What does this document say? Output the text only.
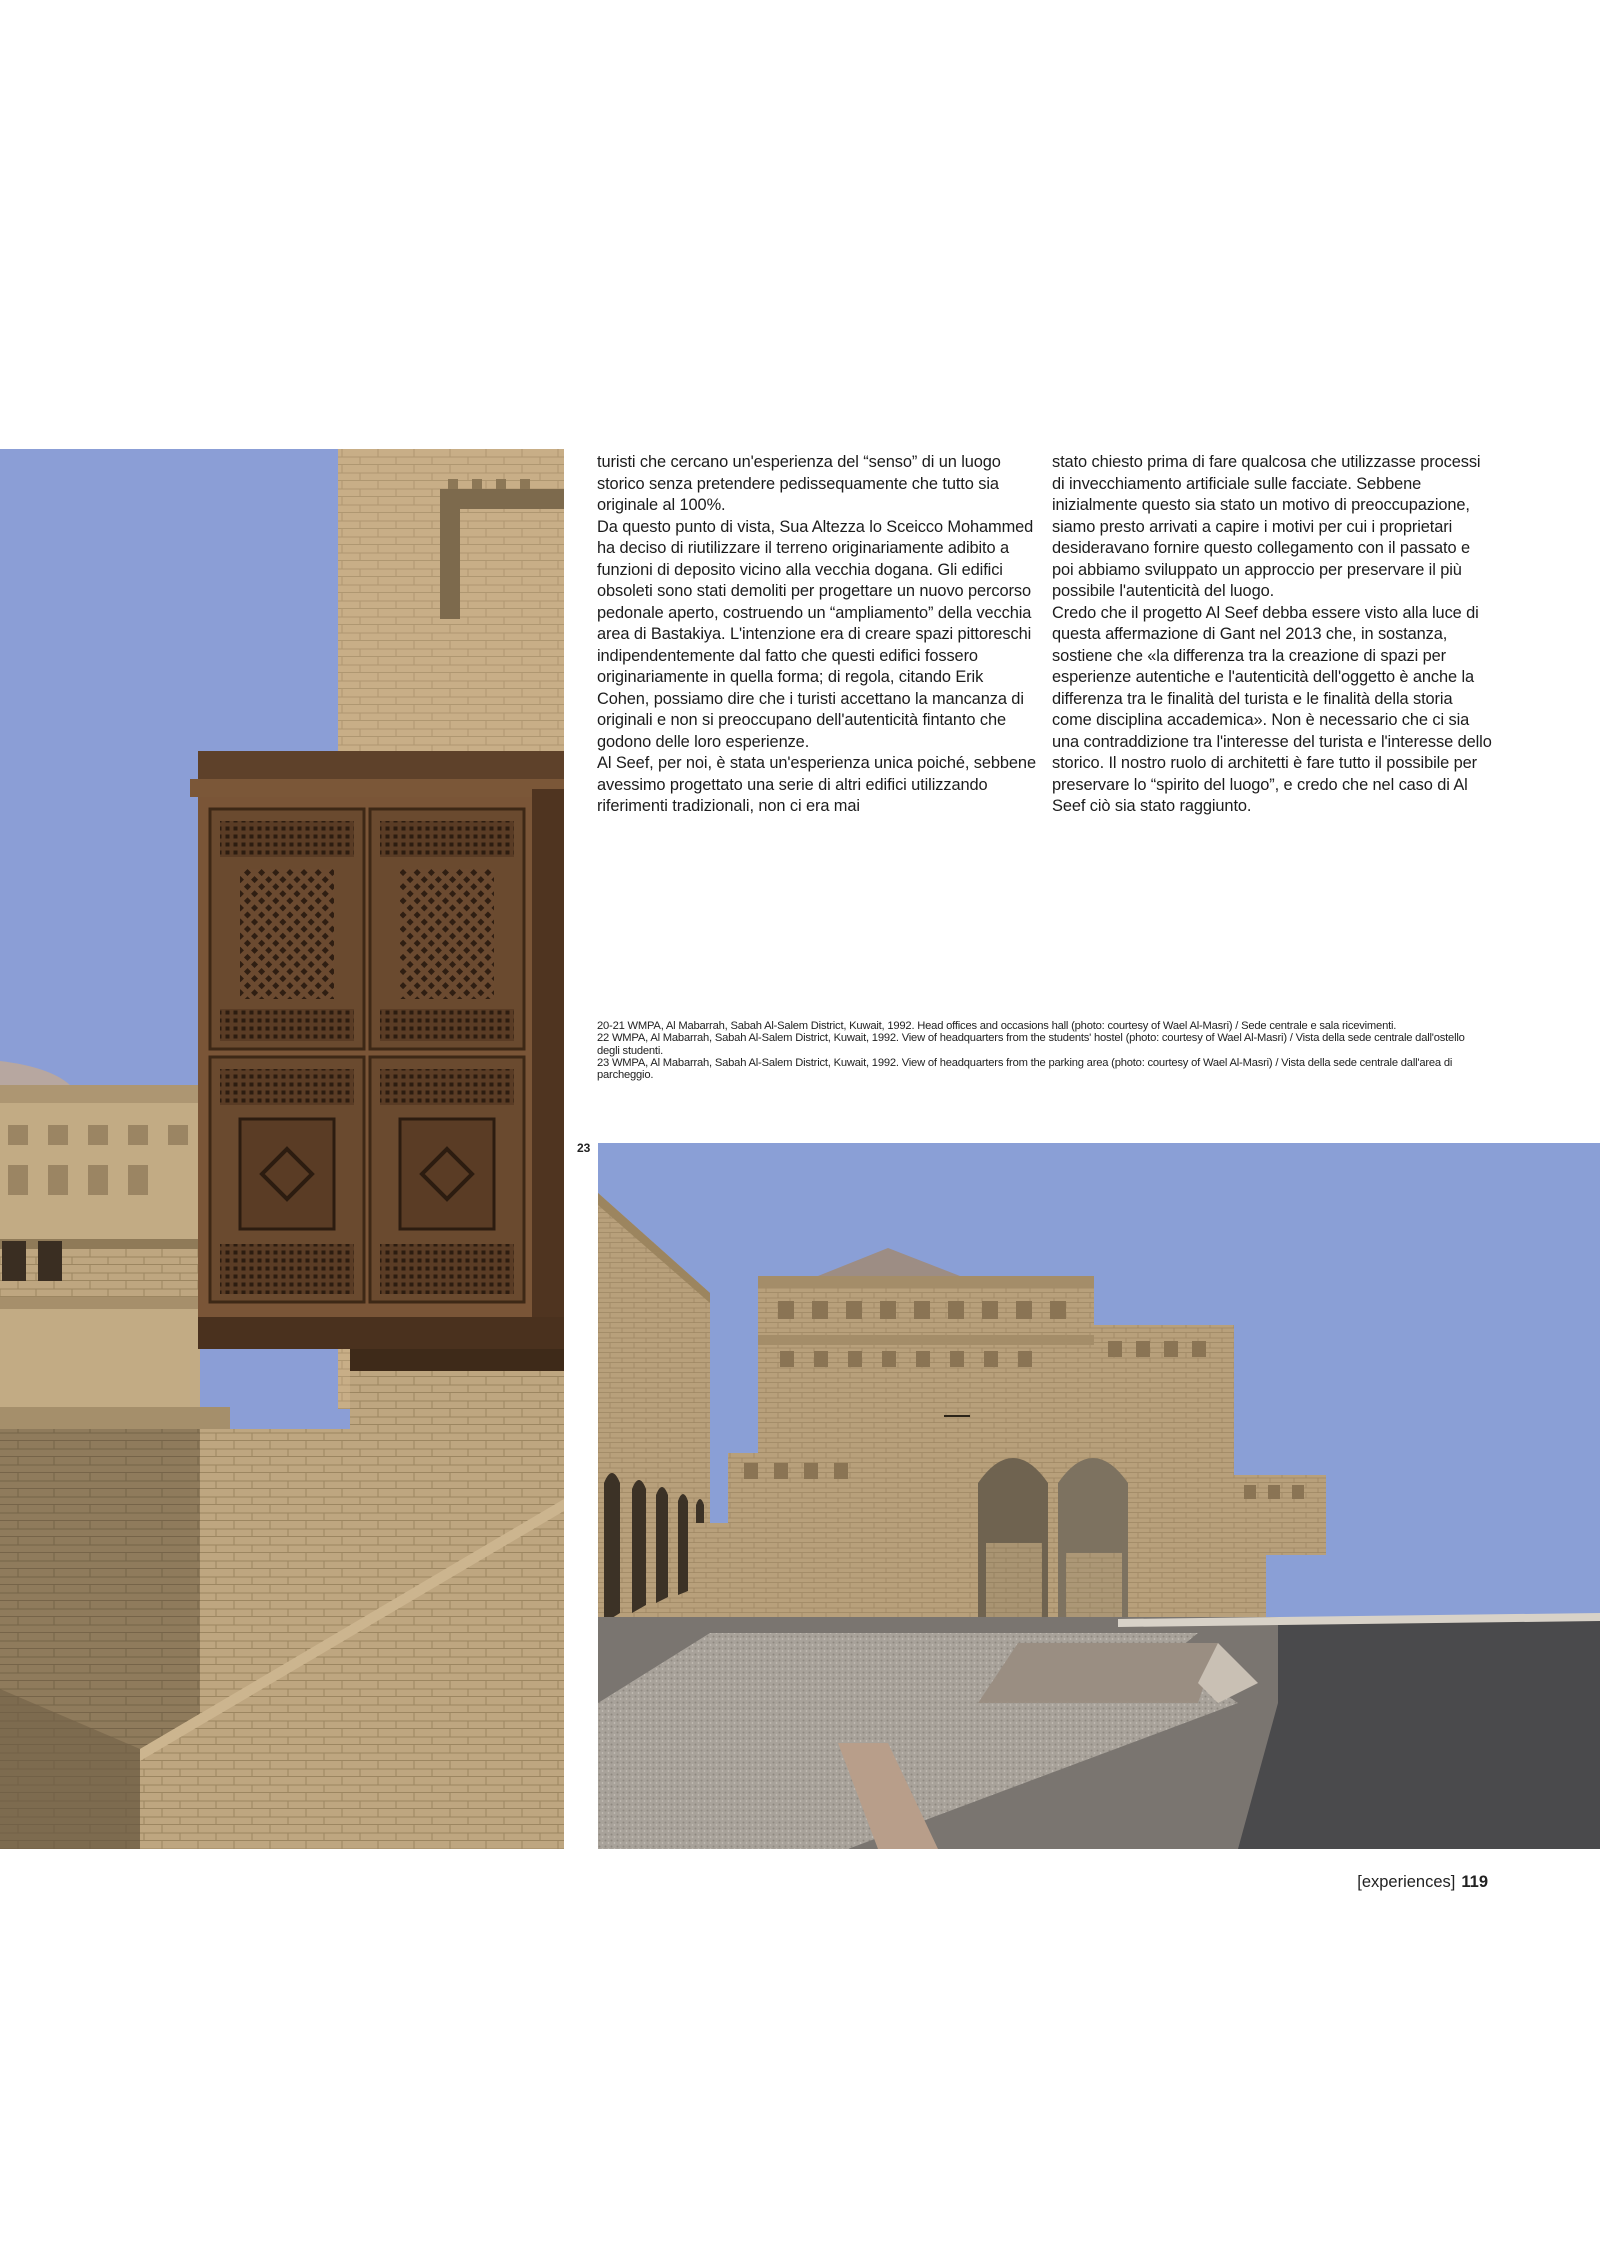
turisti che cercano un'esperienza del “senso” di un luogo storico senza pretendere pedissequamente che tutto sia originale al 100%.

Da questo punto di vista, Sua Altezza lo Sceicco Mohammed ha deciso di riutilizzare il terreno originariamente adibito a funzioni di deposito vicino alla vecchia dogana. Gli edifici obsoleti sono stati demoliti per progettare un nuovo percorso pedonale aperto, costruendo un “ampliamento” della vecchia area di Bastakiya. L'intenzione era di creare spazi pittoreschi indipendentemente dal fatto che questi edifici fossero originariamente in quella forma; di regola, citando Erik Cohen, possiamo dire che i turisti accettano la mancanza di originali e non si preoccupano dell'autenticità fintanto che godono delle loro esperienze.

Al Seef, per noi, è stata un'esperienza unica poiché, sebbene avessimo progettato una serie di altri edifici utilizzando riferimenti tradizionali, non ci era mai

stato chiesto prima di fare qualcosa che utilizzasse processi di invecchiamento artificiale sulle facciate. Sebbene inizialmente questo sia stato un motivo di preoccupazione, siamo presto arrivati a capire i motivi per cui i proprietari desideravano fornire questo collegamento con il passato e poi abbiamo sviluppato un approccio per preservare il più possibile l'autenticità del luogo.

Credo che il progetto Al Seef debba essere visto alla luce di questa affermazione di Gant nel 2013 che, in sostanza, sostiene che «la differenza tra la creazione di spazi per esperienze autentiche e l'autenticità dell'oggetto è anche la differenza tra le finalità del turista e le finalità della storia come disciplina accademica». Non è necessario che ci sia una contraddizione tra l'interesse del turista e l'interesse dello storico. Il nostro ruolo di architetti è fare tutto il possibile per preservare lo “spirito del luogo”, e credo che nel caso di Al Seef ciò sia stato raggiunto.

20-21 WMPA, Al Mabarrah, Sabah Al-Salem District, Kuwait, 1992. Head offices and occasions hall (photo: courtesy of Wael Al-Masri) / Sede centrale e sala ricevimenti.

22 WMPA, Al Mabarrah, Sabah Al-Salem District, Kuwait, 1992. View of headquarters from the students' hostel (photo: courtesy of Wael Al-Masri) / Vista della sede centrale dall'ostello degli studenti.

23 WMPA, Al Mabarrah, Sabah Al-Salem District, Kuwait, 1992. View of headquarters from the parking area (photo: courtesy of Wael Al-Masri) / Vista della sede centrale dall'area di parcheggio.

23
[experiences] 119
